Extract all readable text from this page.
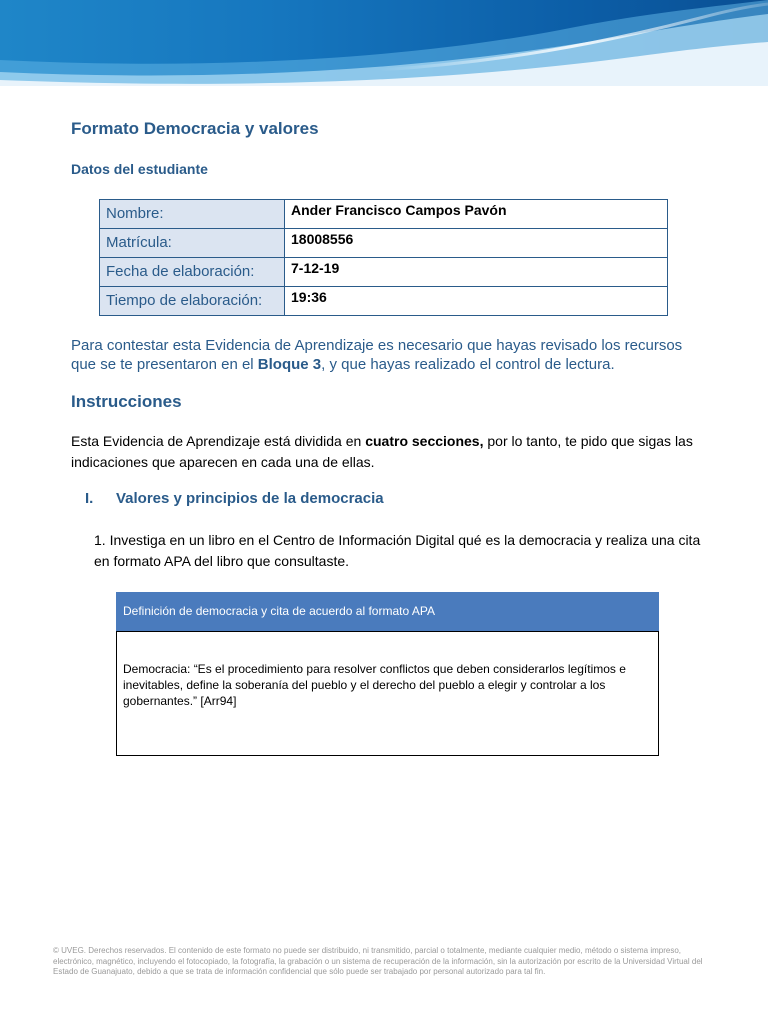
Formato Democracia y valores
Datos del estudiante
Nombre:	Ander Francisco Campos Pavón
Matrícula:	18008556
Fecha de elaboración:	7-12-19
Tiempo de elaboración:	19:36

Para contestar esta Evidencia de Aprendizaje es necesario que hayas revisado los recursos que se te presentaron en el Bloque 3, y que hayas realizado el control de lectura.

Instrucciones

Esta Evidencia de Aprendizaje está dividida en cuatro secciones, por lo tanto, te pido que sigas las indicaciones que aparecen en cada una de ellas.

I. Valores y principios de la democracia

1. Investiga en un libro en el Centro de Información Digital qué es la democracia y realiza una cita en formato APA del libro que consultaste.

Definición de democracia y cita de acuerdo al formato APA
Democracia: “Es el procedimiento para resolver conflictos que deben considerarlos legítimos e inevitables, define la soberanía del pueblo y el derecho del pueblo a elegir y controlar a los gobernantes.” [Arr94]

© UVEG. Derechos reservados. El contenido de este formato no puede ser distribuido, ni transmitido, parcial o totalmente, mediante cualquier medio, método o sistema impreso, electrónico, magnético, incluyendo el fotocopiado, la fotografía, la grabación o un sistema de recuperación de la información, sin la autorización por escrito de la Universidad Virtual del Estado de Guanajuato, debido a que se trata de información confidencial que sólo puede ser trabajado por personal autorizado para tal fin.
